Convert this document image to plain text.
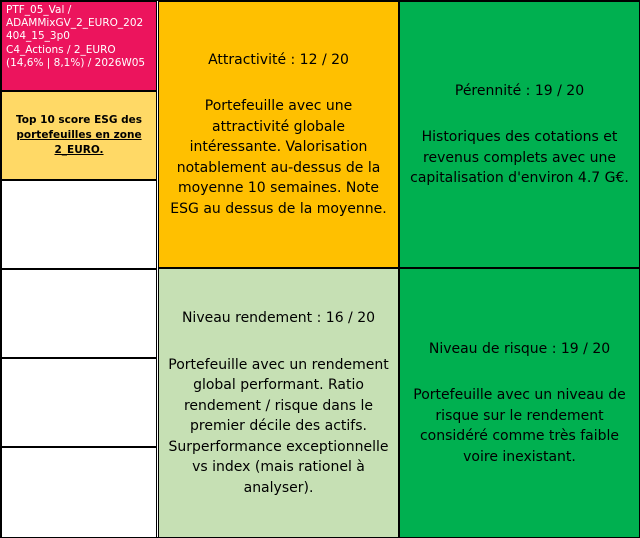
PTF_05_Val /
ADAMMixGV_2_EURO_202
404_15_3p0
C4_Actions / 2_EURO
(14,6% | 8,1%) / 2026W05
Top 10 score ESG des
portefeuilles en zone
2_EURO.
Attractivité : 12 / 20
Portefeuille avec une attractivité globale intéressante. Valorisation notablement au-dessus de la moyenne 10 semaines. Note ESG au dessus de la moyenne.
Pérennité : 19 / 20
Historiques des cotations et revenus complets avec une capitalisation d'environ 4.7 G€.
Niveau rendement : 16 / 20
Portefeuille avec un rendement global performant. Ratio rendement / risque dans le premier décile des actifs. Surperformance exceptionnelle vs index (mais rationel à analyser).
Niveau de risque : 19 / 20
Portefeuille avec un niveau de risque sur le rendement considéré comme très faible voire inexistant.
